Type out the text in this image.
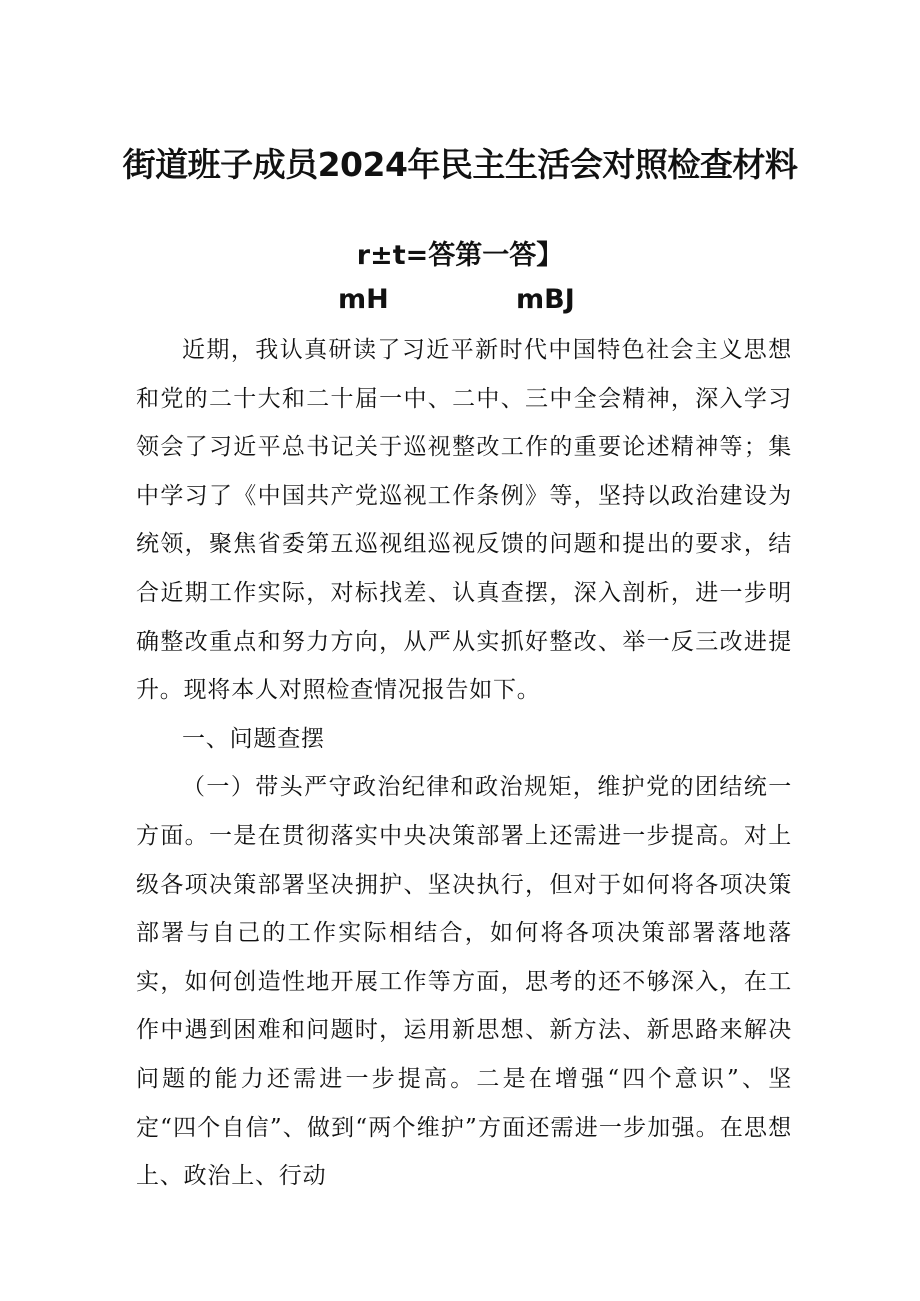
街道班子成员2024年民主生活会对照检查材料
r±t=答第一答】
mH	mBJ

近期，我认真研读了习近平新时代中国特色社会主义思想和党的二十大和二十届一中、二中、三中全会精神，深入学习领会了习近平总书记关于巡视整改工作的重要论述精神等；集中学习了《中国共产党巡视工作条例》等，坚持以政治建设为统领，聚焦省委第五巡视组巡视反馈的问题和提出的要求，结合近期工作实际，对标找差、认真查摆，深入剖析，进一步明确整改重点和努力方向，从严从实抓好整改、举一反三改进提升。现将本人对照检查情况报告如下。

一、问题查摆

（一）带头严守政治纪律和政治规矩，维护党的团结统一方面。一是在贯彻落实中央决策部署上还需进一步提高。对上级各项决策部署坚决拥护、坚决执行，但对于如何将各项决策部署与自己的工作实际相结合，如何将各项决策部署落地落实，如何创造性地开展工作等方面，思考的还不够深入，在工作中遇到困难和问题时，运用新思想、新方法、新思路来解决问题的能力还需进一步提高。二是在增强“四个意识”、坚定“四个自信”、做到“两个维护”方面还需进一步加强。在思想上、政治上、行动
